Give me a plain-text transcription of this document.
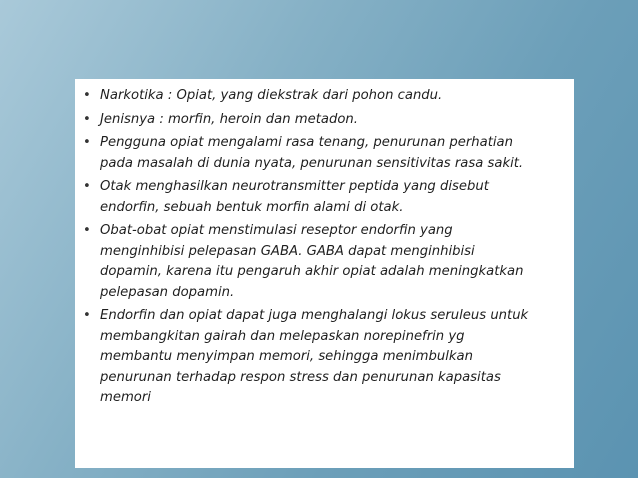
• Narkotika : Opiat, yang diekstrak dari pohon candu.
• Jenisnya : morfin, heroin dan metadon.
• Pengguna opiat mengalami rasa tenang, penurunan perhatian
pada masalah di dunia nyata, penurunan sensitivitas rasa sakit.
• Otak menghasilkan neurotransmitter peptida yang disebut
endorfin, sebuah bentuk morfin alami di otak.
• Obat-obat opiat menstimulasi reseptor endorfin yang
menginhibisi pelepasan GABA. GABA dapat menginhibisi
dopamin, karena itu pengaruh akhir opiat adalah meningkatkan
pelepasan dopamin.
• Endorfin dan opiat dapat juga menghalangi lokus seruleus untuk
membangkitan gairah dan melepaskan norepinefrin yg
membantu menyimpan memori, sehingga menimbulkan
penurunan terhadap respon stress dan penurunan kapasitas
memori
